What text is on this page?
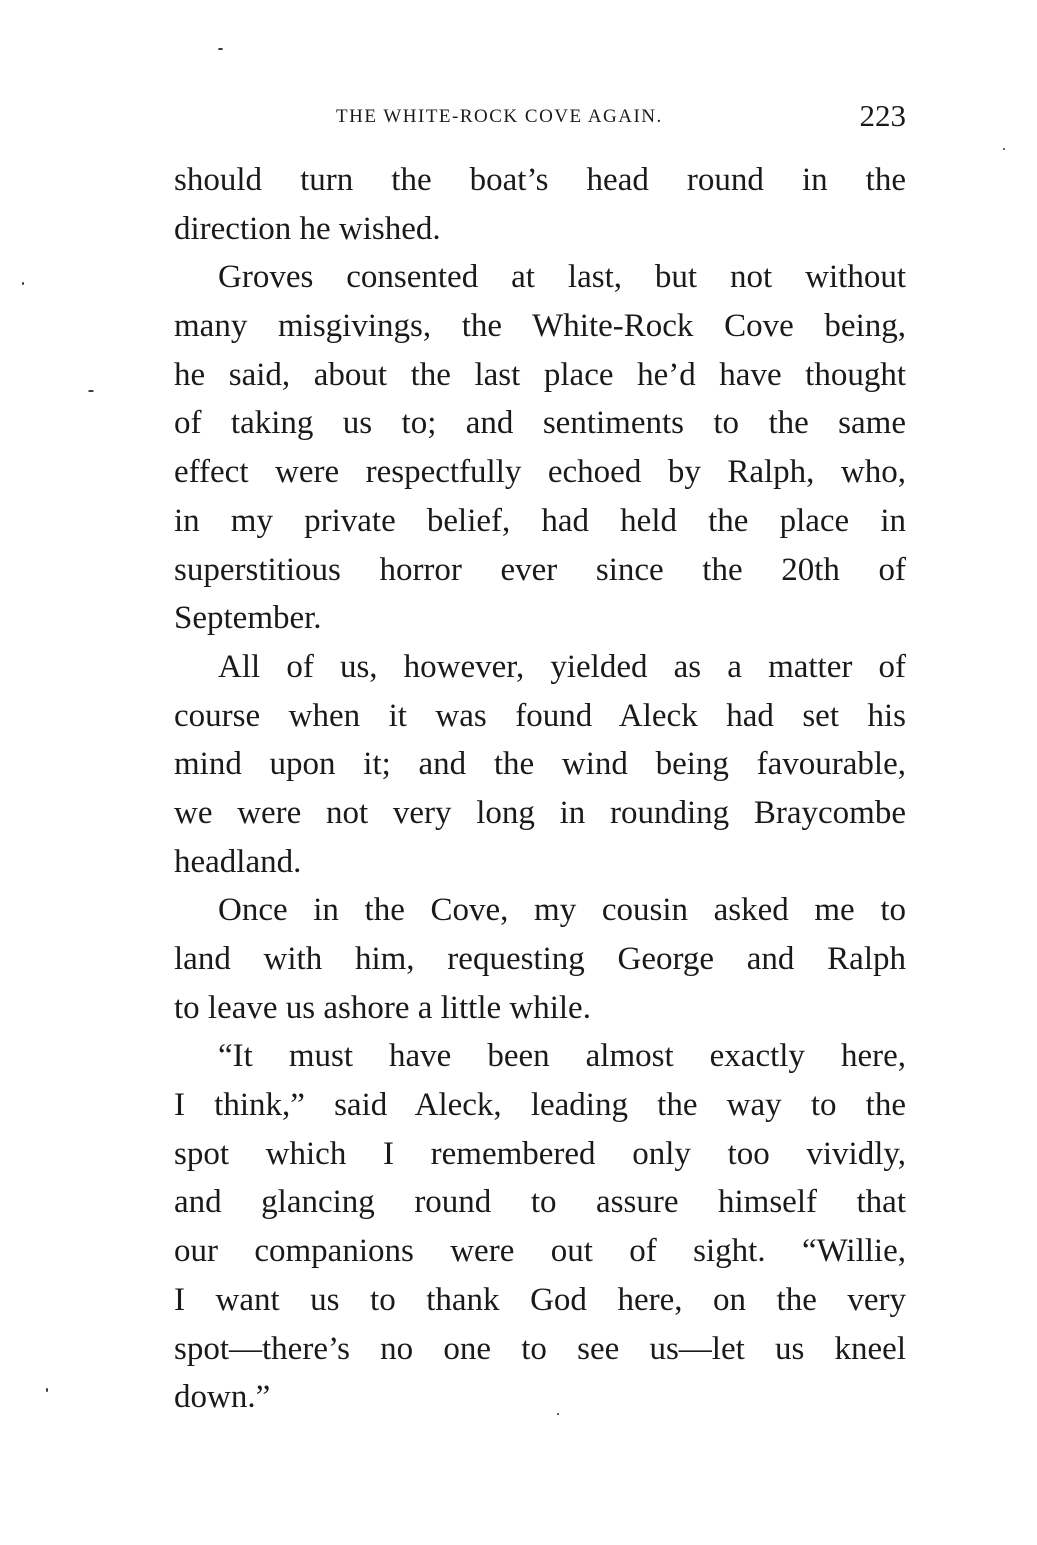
THE WHITE-ROCK COVE AGAIN.	223
should turn the boat’s head round in the
direction he wished.
Groves consented at last, but not without
many misgivings, the White-Rock Cove being,
he said, about the last place he’d have thought
of taking us to; and sentiments to the same
effect were respectfully echoed by Ralph, who,
in my private belief, had held the place in
superstitious horror ever since the 20th of
September.
All of us, however, yielded as a matter of
course when it was found Aleck had set his
mind upon it; and the wind being favourable,
we were not very long in rounding Braycombe
headland.
Once in the Cove, my cousin asked me to
land with him, requesting George and Ralph
to leave us ashore a little while.
“It must have been almost exactly here,
I think,” said Aleck, leading the way to the
spot which I remembered only too vividly,
and glancing round to assure himself that
our companions were out of sight. “Willie,
I want us to thank God here, on the very
spot—there’s no one to see us—let us kneel
down.”
